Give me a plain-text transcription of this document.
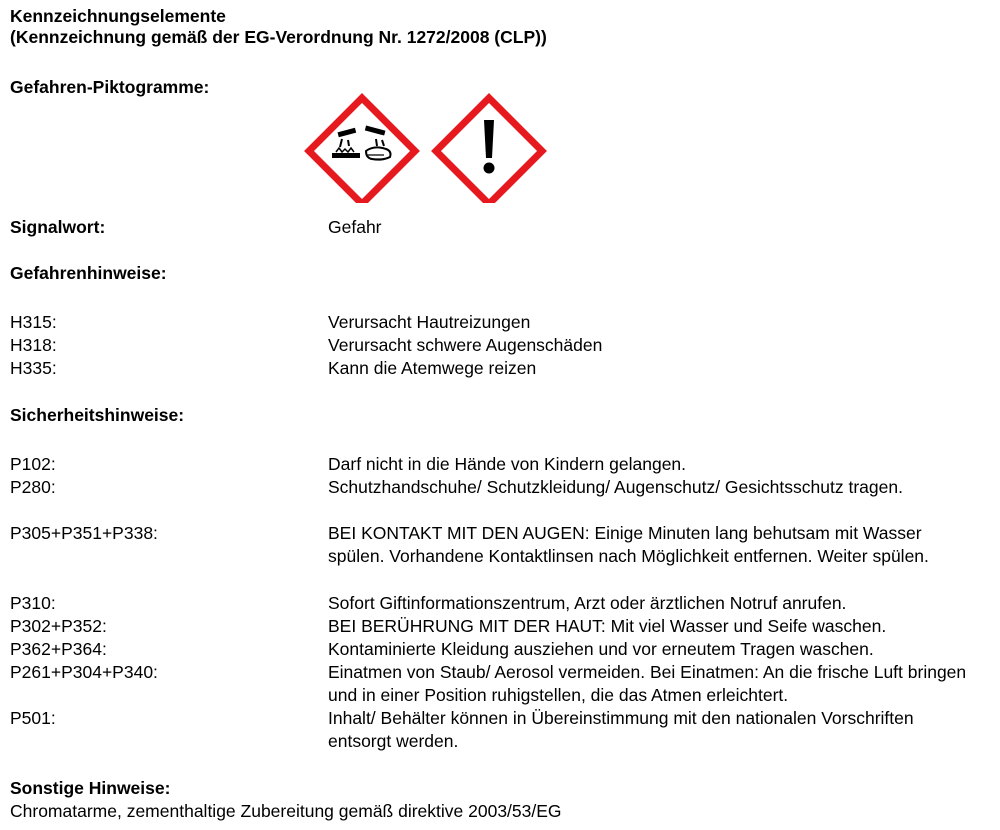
Kennzeichnungselemente

(Kennzeichnung gemäß der EG-Verordnung Nr. 1272/2008 (CLP))

Gefahren-Piktogramme:
Signalwort:	Gefahr
Gefahrenhinweise:
H315:	Verursacht Hautreizungen
H318:	Verursacht schwere Augenschäden
H335:	Kann die Atemwege reizen
Sicherheitshinweise:
P102:	Darf nicht in die Hände von Kindern gelangen.
P280:	Schutzhandschuhe/ Schutzkleidung/ Augenschutz/ Gesichtsschutz tragen.
P305+P351+P338:	BEI KONTAKT MIT DEN AUGEN: Einige Minuten lang behutsam mit Wasser spülen. Vorhandene Kontaktlinsen nach Möglichkeit entfernen. Weiter spülen.
P310:	Sofort Giftinformationszentrum, Arzt oder ärztlichen Notruf anrufen.
P302+P352:	BEI BERÜHRUNG MIT DER HAUT: Mit viel Wasser und Seife waschen.
P362+P364:	Kontaminierte Kleidung ausziehen und vor erneutem Tragen waschen.
P261+P304+P340:	Einatmen von Staub/ Aerosol vermeiden. Bei Einatmen: An die frische Luft bringen und in einer Position ruhigstellen, die das Atmen erleichtert.
P501:	Inhalt/ Behälter können in Übereinstimmung mit den nationalen Vorschriften entsorgt werden.
Sonstige Hinweise:
Chromatarme, zementhaltige Zubereitung gemäß direktive 2003/53/EG
